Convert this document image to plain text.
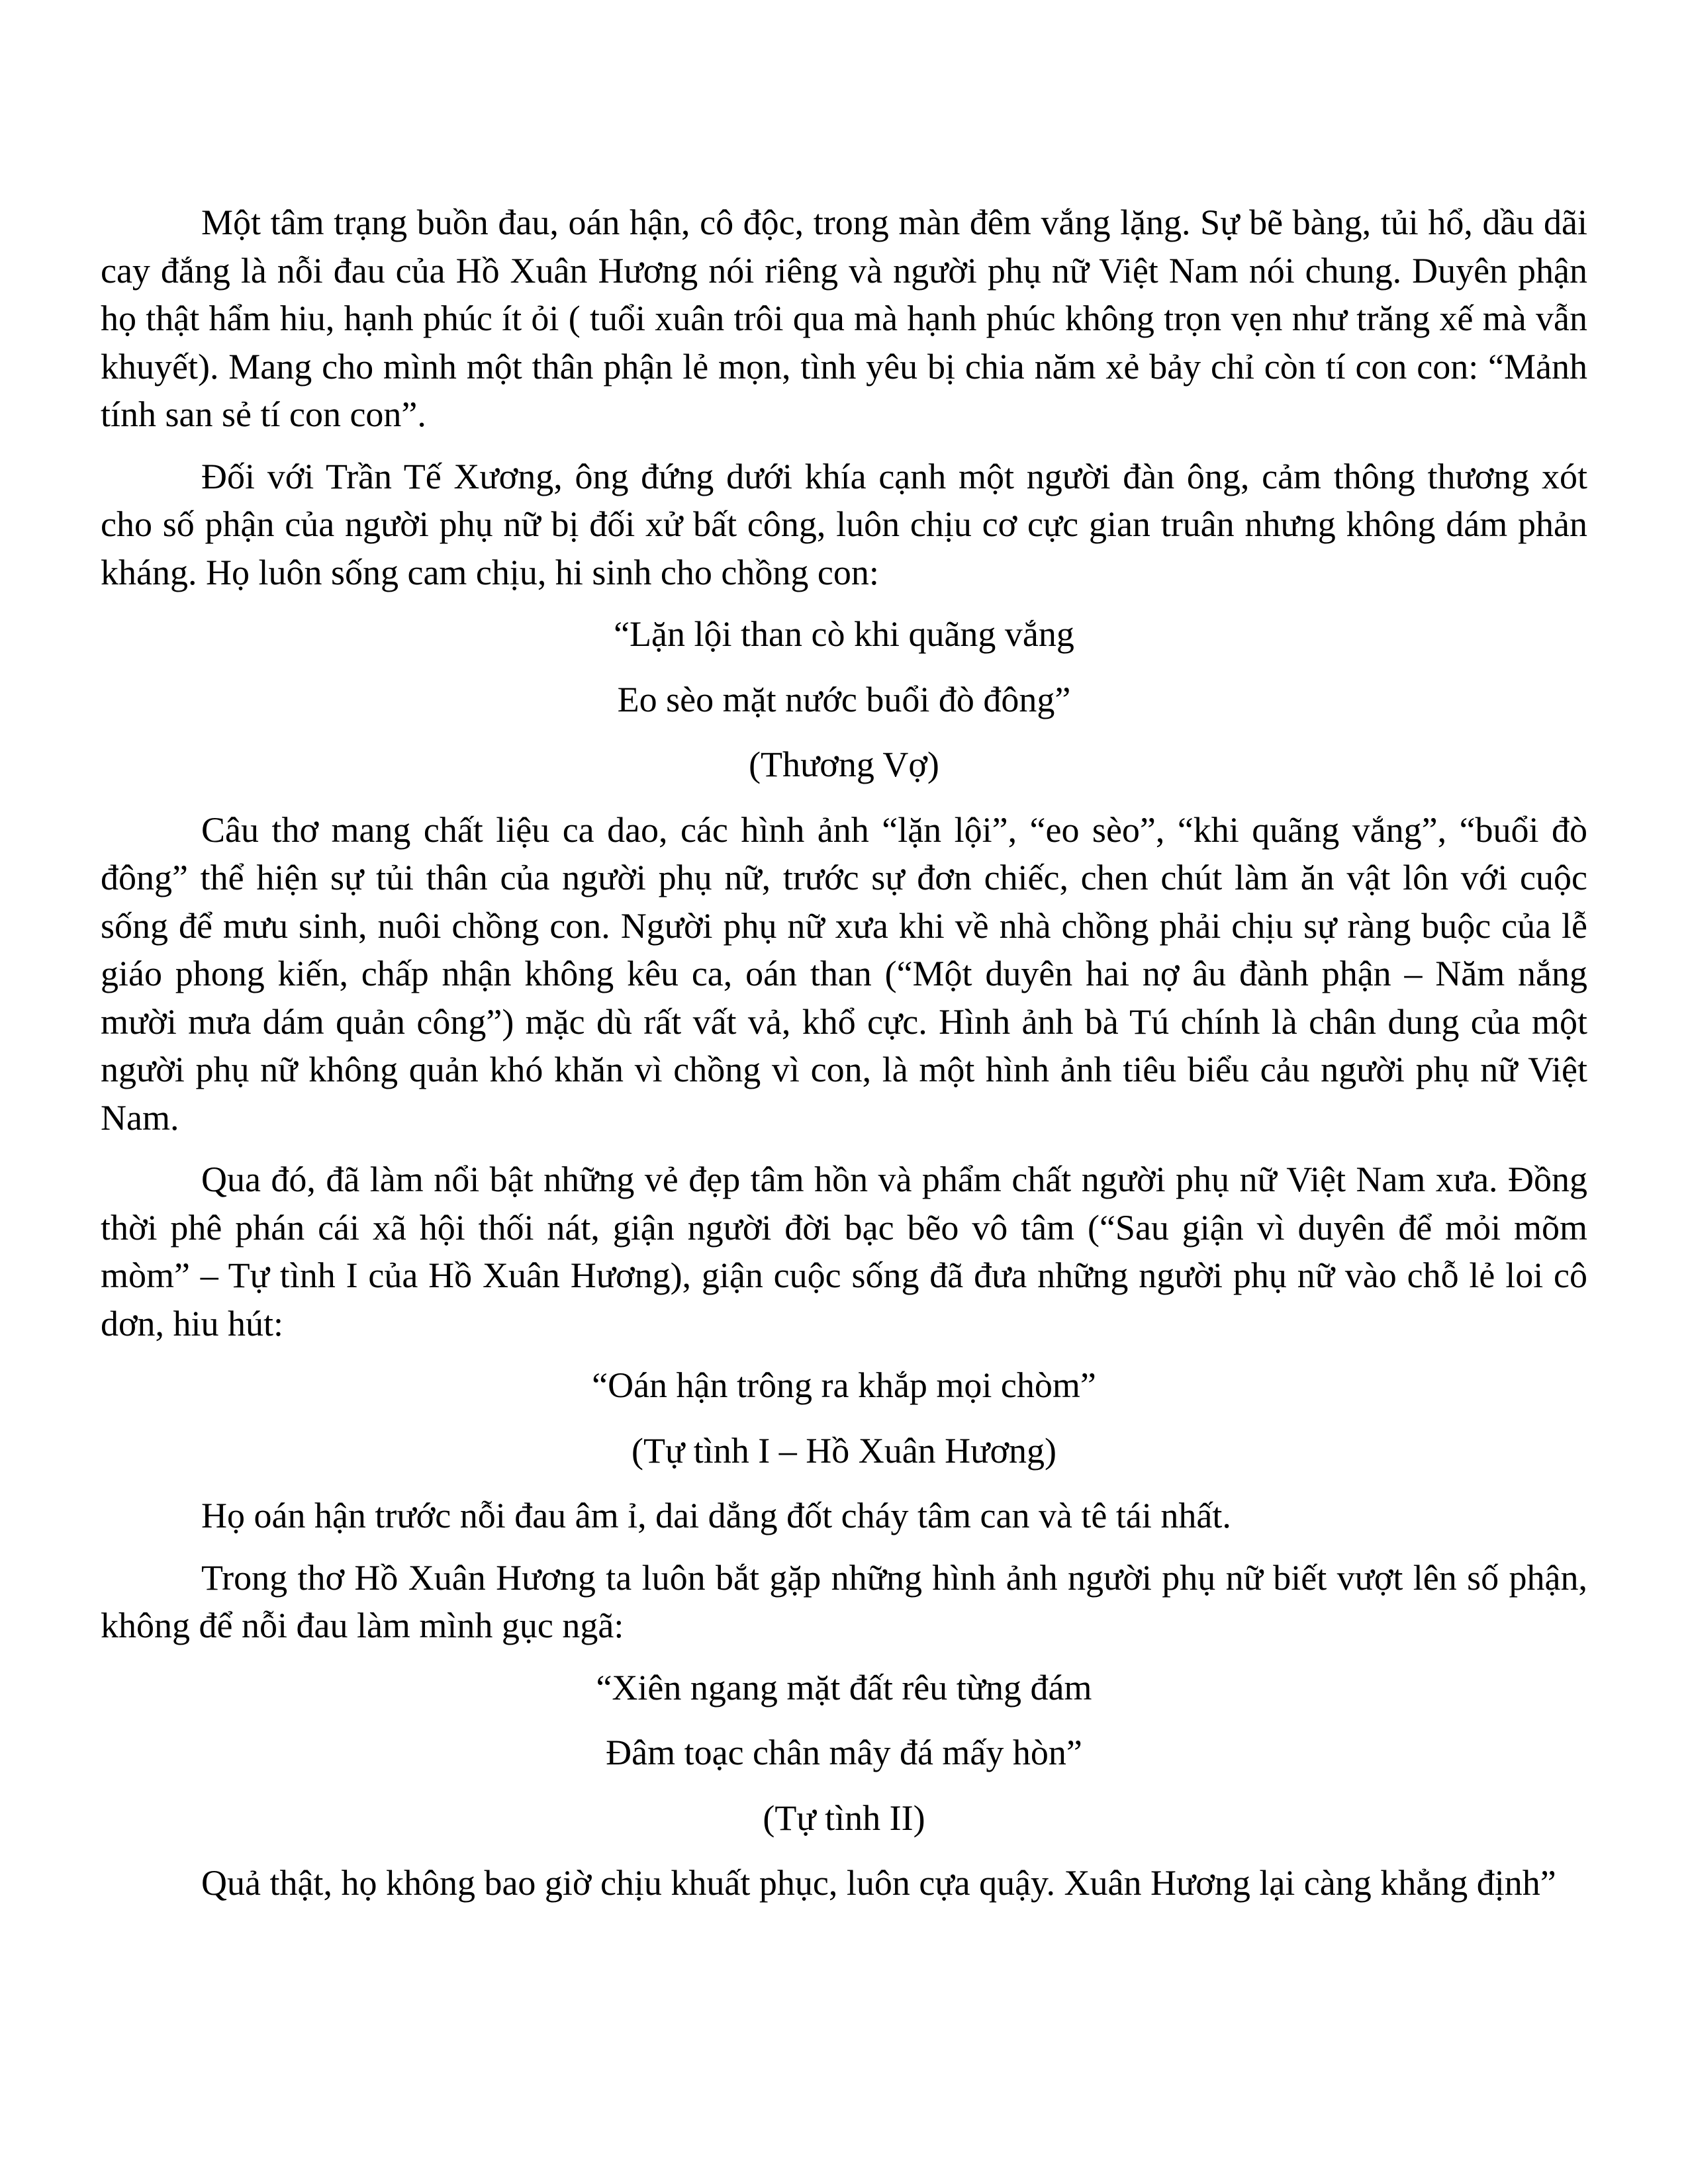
Một tâm trạng buồn đau, oán hận, cô độc, trong màn đêm vắng lặng. Sự bẽ bàng, tủi hổ, dầu dãi cay đắng là nỗi đau của Hồ Xuân Hương nói riêng và người phụ nữ Việt Nam nói chung. Duyên phận họ thật hẩm hiu, hạnh phúc ít ỏi ( tuổi xuân trôi qua mà hạnh phúc không trọn vẹn như trăng xế mà vẫn khuyết). Mang cho mình một thân phận lẻ mọn, tình yêu bị chia năm xẻ bảy chỉ còn tí con con: “Mảnh tính san sẻ tí con con”.

Đối với Trần Tế Xương, ông đứng dưới khía cạnh một người đàn ông, cảm thông thương xót cho số phận của người phụ nữ bị đối xử bất công, luôn chịu cơ cực gian truân nhưng không dám phản kháng. Họ luôn sống cam chịu, hi sinh cho chồng con:

“Lặn lội than cò khi quãng vắng

Eo sèo mặt nước buổi đò đông”

(Thương Vợ)

Câu thơ mang chất liệu ca dao, các hình ảnh “lặn lội”, “eo sèo”, “khi quãng vắng”, “buổi đò đông” thể hiện sự tủi thân của người phụ nữ, trước sự đơn chiếc, chen chút làm ăn vật lôn với cuộc sống để mưu sinh, nuôi chồng con. Người phụ nữ xưa khi về nhà chồng phải chịu sự ràng buộc của lễ giáo phong kiến, chấp nhận không kêu ca, oán than (“Một duyên hai nợ âu đành phận – Năm nắng mười mưa dám quản công”) mặc dù rất vất vả, khổ cực. Hình ảnh bà Tú chính là chân dung của một người phụ nữ không quản khó khăn vì chồng vì con, là một hình ảnh tiêu biểu cảu người phụ nữ Việt Nam.

Qua đó, đã làm nổi bật những vẻ đẹp tâm hồn và phẩm chất người phụ nữ Việt Nam xưa. Đồng thời phê phán cái xã hội thối nát, giận người đời bạc bẽo vô tâm (“Sau giận vì duyên để mỏi mõm mòm” – Tự tình I của Hồ Xuân Hương), giận cuộc sống đã đưa những người phụ nữ vào chỗ lẻ loi cô dơn, hiu hút:

“Oán hận trông ra khắp mọi chòm”

(Tự tình I – Hồ Xuân Hương)

Họ oán hận trước nỗi đau âm ỉ, dai dẳng đốt cháy tâm can và tê tái nhất.

Trong thơ Hồ Xuân Hương ta luôn bắt gặp những hình ảnh người phụ nữ biết vượt lên số phận, không để nỗi đau làm mình gục ngã:

“Xiên ngang mặt đất rêu từng đám

Đâm toạc chân mây đá mấy hòn”

(Tự tình II)

Quả thật, họ không bao giờ chịu khuất phục, luôn cựa quậy. Xuân Hương lại càng khẳng định”
